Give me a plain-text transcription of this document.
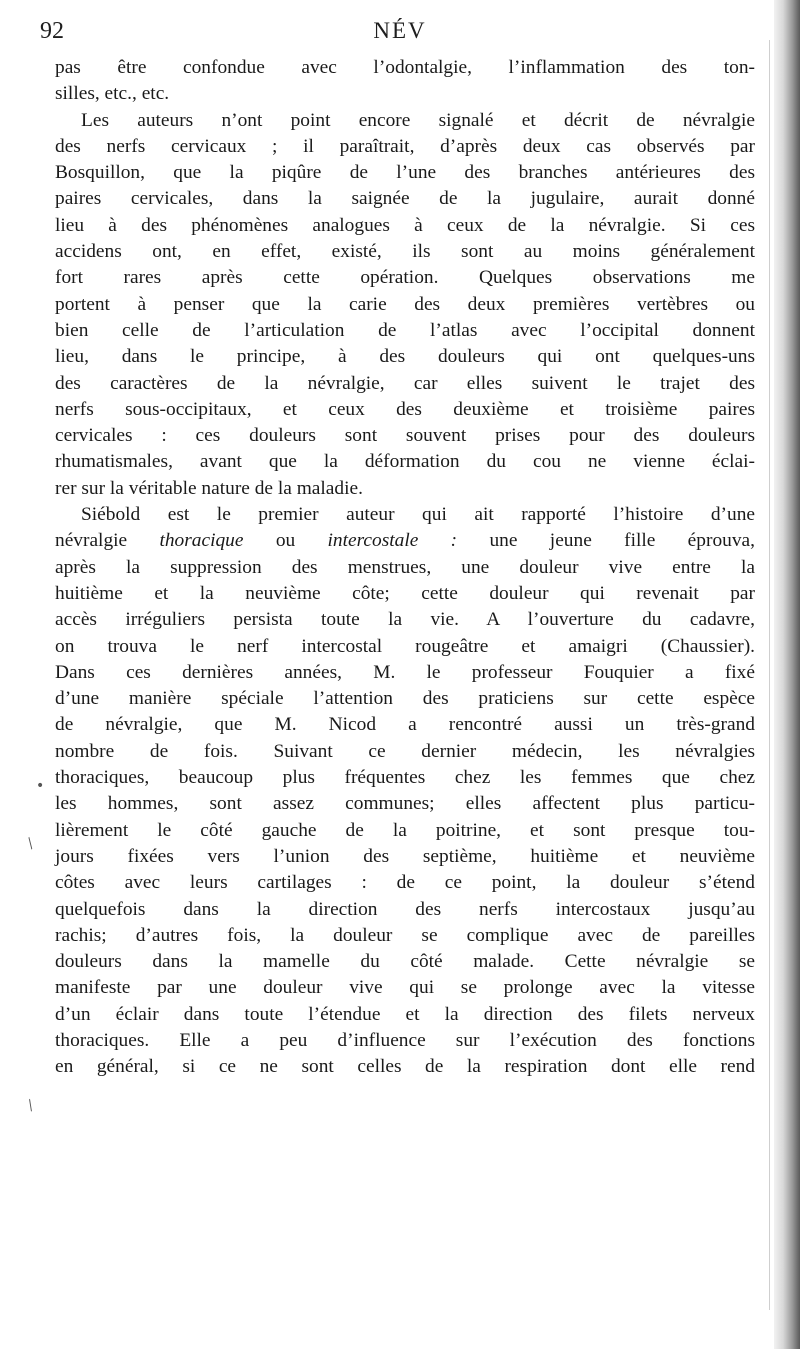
92	NÉV
pas être confondue avec l’odontalgie, l’inflammation des ton-
silles, etc., etc.
Les auteurs n’ont point encore signalé et décrit de névralgie
des nerfs cervicaux ; il paraîtrait, d’après deux cas observés par
Bosquillon, que la piqûre de l’une des branches antérieures des
paires cervicales, dans la saignée de la jugulaire, aurait donné
lieu à des phénomènes analogues à ceux de la névralgie. Si ces
accidens ont, en effet, existé, ils sont au moins généralement
fort rares après cette opération. Quelques observations me
portent à penser que la carie des deux premières vertèbres ou
bien celle de l’articulation de l’atlas avec l’occipital donnent
lieu, dans le principe, à des douleurs qui ont quelques-uns
des caractères de la névralgie, car elles suivent le trajet des
nerfs sous-occipitaux, et ceux des deuxième et troisième paires
cervicales : ces douleurs sont souvent prises pour des douleurs
rhumatismales, avant que la déformation du cou ne vienne éclai-
rer sur la véritable nature de la maladie.
Siébold est le premier auteur qui ait rapporté l’histoire d’une
névralgie thoracique ou intercostale : une jeune fille éprouva,
après la suppression des menstrues, une douleur vive entre la
huitième et la neuvième côte; cette douleur qui revenait par
accès irréguliers persista toute la vie. A l’ouverture du cadavre,
on trouva le nerf intercostal rougeâtre et amaigri (Chaussier).
Dans ces dernières années, M. le professeur Fouquier a fixé
d’une manière spéciale l’attention des praticiens sur cette espèce
de névralgie, que M. Nicod a rencontré aussi un très-grand
nombre de fois. Suivant ce dernier médecin, les névralgies
thoraciques, beaucoup plus fréquentes chez les femmes que chez
les hommes, sont assez communes; elles affectent plus particu-
lièrement le côté gauche de la poitrine, et sont presque tou-
jours fixées vers l’union des septième, huitième et neuvième
côtes avec leurs cartilages : de ce point, la douleur s’étend
quelquefois dans la direction des nerfs intercostaux jusqu’au
rachis; d’autres fois, la douleur se complique avec de pareilles
douleurs dans la mamelle du côté malade. Cette névralgie se
manifeste par une douleur vive qui se prolonge avec la vitesse
d’un éclair dans toute l’étendue et la direction des filets nerveux
thoraciques. Elle a peu d’influence sur l’exécution des fonctions
en général, si ce ne sont celles de la respiration dont elle rend
•
⁄
⁄
